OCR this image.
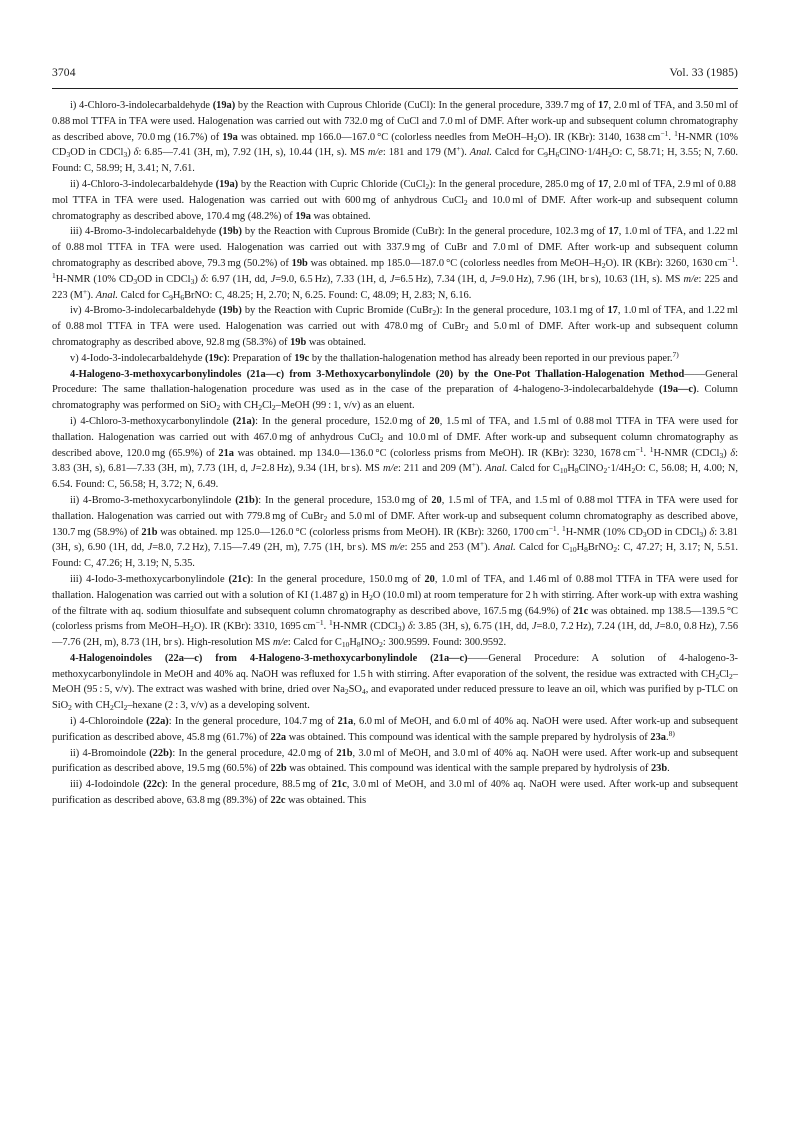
3704	Vol. 33 (1985)

i) 4-Chloro-3-indolecarbaldehyde (19a) by the Reaction with Cuprous Chloride (CuCl): In the general procedure, 339.7 mg of 17, 2.0 ml of TFA, and 3.50 ml of 0.88 mol TTFA in TFA were used. Halogenation was carried out with 732.0 mg of CuCl and 7.0 ml of DMF. After work-up and subsequent column chromatography as described above, 70.0 mg (16.7%) of 19a was obtained. mp 166.0—167.0 °C (colorless needles from MeOH–$H_2O$). IR (KBr): 3140, 1638 $cm^{-1}$. $^1$H-NMR (10% $CD_3OD$ in CDCl$_3$) δ: 6.85—7.41 (3H, m), 7.92 (1H, s), 10.44 (1H, s). MS m/e: 181 and 179 (M+). Anal. Calcd for $C_9H_6ClNO\cdot 1/4H_2O$: C, 58.71; H, 3.55; N, 7.60. Found: C, 58.99; H, 3.41; N, 7.61.

ii) 4-Chloro-3-indolecarbaldehyde (19a) by the Reaction with Cupric Chloride (CuCl$_2$): In the general procedure, 285.0 mg of 17, 2.0 ml of TFA, 2.9 ml of 0.88 mol TTFA in TFA were used. Halogenation was carried out with 600 mg of anhydrous CuCl$_2$ and 10.0 ml of DMF. After work-up and subsequent column chromatography as described above, 170.4 mg (48.2%) of 19a was obtained.

iii) 4-Bromo-3-indolecarbaldehyde (19b) by the Reaction with Cuprous Bromide (CuBr): In the general procedure, 102.3 mg of 17, 1.0 ml of TFA, and 1.22 ml of 0.88 mol TTFA in TFA were used. Halogenation was carried out with 337.9 mg of CuBr and 7.0 ml of DMF. After work-up and subsequent column chromatography as described above, 79.3 mg (50.2%) of 19b was obtained. mp 185.0—187.0 °C (colorless needles from MeOH–$H_2O$). IR (KBr): 3260, 1630 $cm^{-1}$. $^1$H-NMR (10% $CD_3OD$ in CDCl$_3$) δ: 6.97 (1H, dd, J=9.0, 6.5 Hz), 7.33 (1H, d, J=6.5 Hz), 7.34 (1H, d, J=9.0 Hz), 7.96 (1H, br s), 10.63 (1H, s). MS m/e: 225 and 223 (M+). Anal. Calcd for $C_9H_6BrNO$: C, 48.25; H, 2.70; N, 6.25. Found: C, 48.09; H, 2.83; N, 6.16.

iv) 4-Bromo-3-indolecarbaldehyde (19b) by the Reaction with Cupric Bromide (CuBr$_2$): In the general procedure, 103.1 mg of 17, 1.0 ml of TFA, and 1.22 ml of 0.88 mol TTFA in TFA were used. Halogenation was carried out with 478.0 mg of CuBr$_2$ and 5.0 ml of DMF. After work-up and subsequent column chromatography as described above, 92.8 mg (58.3%) of 19b was obtained.

v) 4-Iodo-3-indolecarbaldehyde (19c): Preparation of 19c by the thallation-halogenation method has already been reported in our previous paper.$^{7)}$

4-Halogeno-3-methoxycarbonylindoles (21a—c) from 3-Methoxycarbonylindole (20) by the One-Pot Thallation-Halogenation Method——General Procedure: The same thallation-halogenation procedure was used as in the case of the preparation of 4-halogeno-3-indolecarbaldehyde (19a—c). Column chromatography was performed on SiO$_2$ with $CH_2Cl_2$–MeOH (99 : 1, v/v) as an eluent.

i) 4-Chloro-3-methoxycarbonylindole (21a): In the general procedure, 152.0 mg of 20, 1.5 ml of TFA, and 1.5 ml of 0.88 mol TTFA in TFA were used for thallation. Halogenation was carried out with 467.0 mg of anhydrous CuCl$_2$ and 10.0 ml of DMF. After work-up and subsequent column chromatography as described above, 120.0 mg (65.9%) of 21a was obtained. mp 134.0—136.0 °C (colorless prisms from MeOH). IR (KBr): 3230, 1678 $cm^{-1}$. $^1$H-NMR (CDCl$_3$) δ: 3.83 (3H, s), 6.81—7.33 (3H, m), 7.73 (1H, d, J=2.8 Hz), 9.34 (1H, br s). MS m/e: 211 and 209 (M+). Anal. Calcd for $C_{10}H_8ClNO_2\cdot 1/4H_2O$: C, 56.08; H, 4.00; N, 6.54. Found: C, 56.58; H, 3.72; N, 6.49.

ii) 4-Bromo-3-methoxycarbonylindole (21b): In the general procedure, 153.0 mg of 20, 1.5 ml of TFA, and 1.5 ml of 0.88 mol TTFA in TFA were used for thallation. Halogenation was carried out with 779.8 mg of CuBr$_2$ and 5.0 ml of DMF. After work-up and subsequent column chromatography as described above, 130.7 mg (58.9%) of 21b was obtained. mp 125.0—126.0 °C (colorless prisms from MeOH). IR (KBr): 3260, 1700 $cm^{-1}$. $^1$H-NMR (10% $CD_3OD$ in CDCl$_3$) δ: 3.81 (3H, s), 6.90 (1H, dd, J=8.0, 7.2 Hz), 7.15—7.49 (2H, m), 7.75 (1H, br s). MS m/e: 255 and 253 (M+). Anal. Calcd for $C_{10}H_8BrNO_2$: C, 47.27; H, 3.17; N, 5.51. Found: C, 47.26; H, 3.19; N, 5.35.

iii) 4-Iodo-3-methoxycarbonylindole (21c): In the general procedure, 150.0 mg of 20, 1.0 ml of TFA, and 1.46 ml of 0.88 mol TTFA in TFA were used for thallation. Halogenation was carried out with a solution of KI (1.487 g) in $H_2O$ (10.0 ml) at room temperature for 2 h with stirring. After work-up with extra washing of the filtrate with aq. sodium thiosulfate and subsequent column chromatography as described above, 167.5 mg (64.9%) of 21c was obtained. mp 138.5—139.5 °C (colorless prisms from MeOH–$H_2O$). IR (KBr): 3310, 1695 $cm^{-1}$. $^1$H-NMR (CDCl$_3$) δ: 3.85 (3H, s), 6.75 (1H, dd, J=8.0, 7.2 Hz), 7.24 (1H, dd, J=8.0, 0.8 Hz), 7.56—7.76 (2H, m), 8.73 (1H, br s). High-resolution MS m/e: Calcd for $C_{10}H_8INO_2$: 300.9599. Found: 300.9592.

4-Halogenoindoles (22a—c) from 4-Halogeno-3-methoxycarbonylindole (21a—c)——General Procedure: A solution of 4-halogeno-3-methoxycarbonylindole in MeOH and 40% aq. NaOH was refluxed for 1.5 h with stirring. After evaporation of the solvent, the residue was extracted with $CH_2Cl_2$–MeOH (95 : 5, v/v). The extract was washed with brine, dried over $Na_2SO_4$, and evaporated under reduced pressure to leave an oil, which was purified by p-TLC on SiO$_2$ with $CH_2Cl_2$–hexane (2 : 3, v/v) as a developing solvent.

i) 4-Chloroindole (22a): In the general procedure, 104.7 mg of 21a, 6.0 ml of MeOH, and 6.0 ml of 40% aq. NaOH were used. After work-up and subsequent purification as described above, 45.8 mg (61.7%) of 22a was obtained. This compound was identical with the sample prepared by hydrolysis of 23a.$^{8)}$

ii) 4-Bromoindole (22b): In the general procedure, 42.0 mg of 21b, 3.0 ml of MeOH, and 3.0 ml of 40% aq. NaOH were used. After work-up and subsequent purification as described above, 19.5 mg (60.5%) of 22b was obtained. This compound was identical with the sample prepared by hydrolysis of 23b.

iii) 4-Iodoindole (22c): In the general procedure, 88.5 mg of 21c, 3.0 ml of MeOH, and 3.0 ml of 40% aq. NaOH were used. After work-up and subsequent purification as described above, 63.8 mg (89.3%) of 22c was obtained. This
